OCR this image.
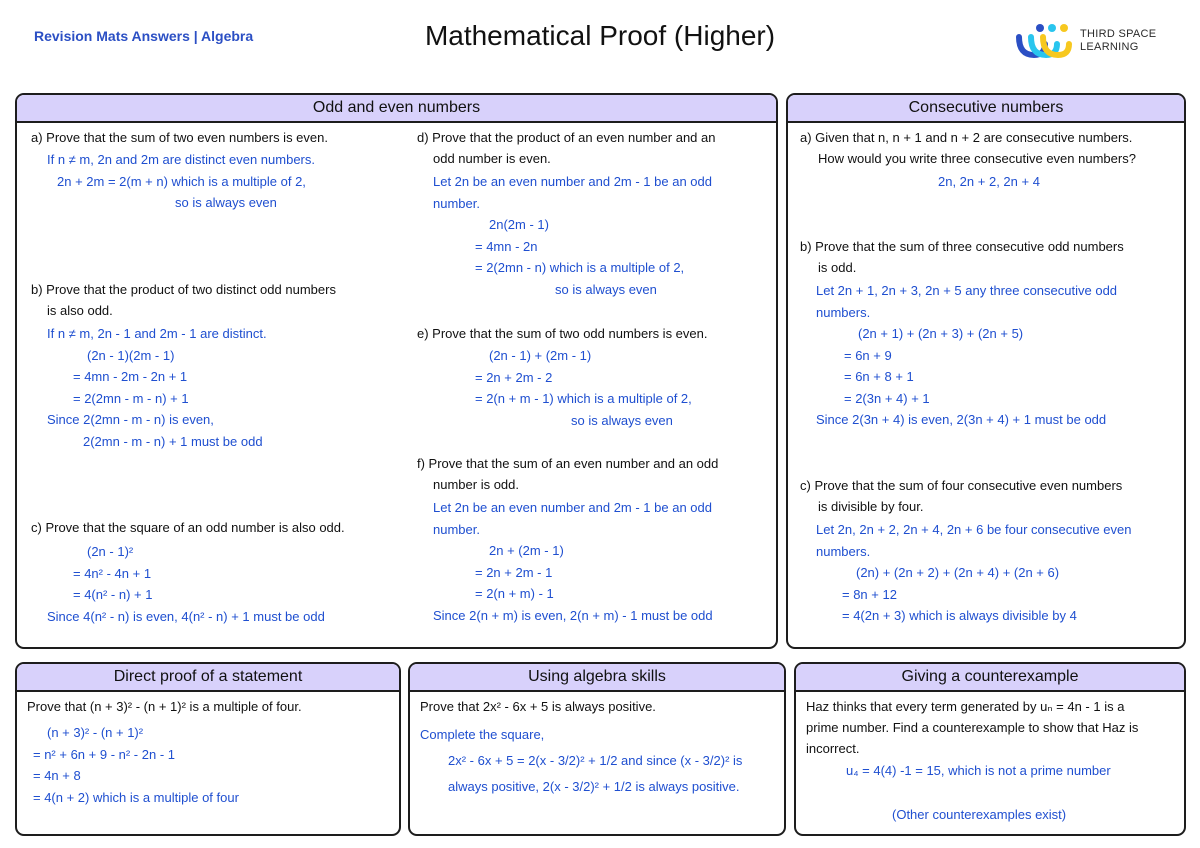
Revision Mats Answers | Algebra	Mathematical Proof (Higher)	THIRD SPACE
LEARNING
Odd and even numbers
a) Prove that the sum of two even numbers is even.
If n ≠ m, 2n and 2m are distinct even numbers.
2n + 2m = 2(m + n) which is a multiple of 2,
so is always even
b) Prove that the product of two distinct odd numbers
is also odd.
If n ≠ m, 2n - 1 and 2m - 1 are distinct.
(2n - 1)(2m - 1)
= 4mn - 2m - 2n + 1
= 2(2mn - m - n) + 1
Since 2(2mn - m - n) is even,
2(2mn - m - n) + 1 must be odd
c) Prove that the square of an odd number is also odd.
(2n - 1)²
= 4n² - 4n + 1
= 4(n² - n) + 1
Since 4(n² - n) is even, 4(n² - n) + 1 must be odd
d) Prove that the product of an even number and an
odd number is even.
Let 2n be an even number and 2m - 1 be an odd
number.
2n(2m - 1)
= 4mn - 2n
= 2(2mn - n) which is a multiple of 2,
so is always even
e) Prove that the sum of two odd numbers is even.
(2n - 1) + (2m - 1)
= 2n + 2m - 2
= 2(n + m - 1) which is a multiple of 2,
so is always even
f) Prove that the sum of an even number and an odd
number is odd.
Let 2n be an even number and 2m - 1 be an odd
number.
2n + (2m - 1)
= 2n + 2m - 1
= 2(n + m) - 1
Since 2(n + m) is even, 2(n + m) - 1 must be odd
Consecutive numbers
a) Given that n, n + 1 and n + 2 are consecutive numbers.
How would you write three consecutive even numbers?
2n, 2n + 2, 2n + 4
b) Prove that the sum of three consecutive odd numbers
is odd.
Let 2n + 1, 2n + 3, 2n + 5 any three consecutive odd
numbers.
(2n + 1) + (2n + 3) + (2n + 5)
= 6n + 9
= 6n + 8 + 1
= 2(3n + 4) + 1
Since 2(3n + 4) is even, 2(3n + 4) + 1 must be odd
c) Prove that the sum of four consecutive even numbers
is divisible by four.
Let 2n, 2n + 2, 2n + 4, 2n + 6 be four consecutive even
numbers.
(2n) + (2n + 2) + (2n + 4) + (2n + 6)
= 8n + 12
= 4(2n + 3) which is always divisible by 4
Direct proof of a statement
Prove that (n + 3)² - (n + 1)² is a multiple of four.
(n + 3)² - (n + 1)²
= n² + 6n + 9 - n² - 2n - 1
= 4n + 8
= 4(n + 2) which is a multiple of four
Using algebra skills
Prove that 2x² - 6x + 5 is always positive.
Complete the square,
2x² - 6x + 5 = 2(x - 3/2)² + 1/2 and since (x - 3/2)² is
always positive, 2(x - 3/2)² + 1/2 is always positive.
Giving a counterexample
Haz thinks that every term generated by uₙ = 4n - 1 is a
prime number. Find a counterexample to show that Haz is
incorrect.
u₄ = 4(4) -1 = 15, which is not a prime number
(Other counterexamples exist)
